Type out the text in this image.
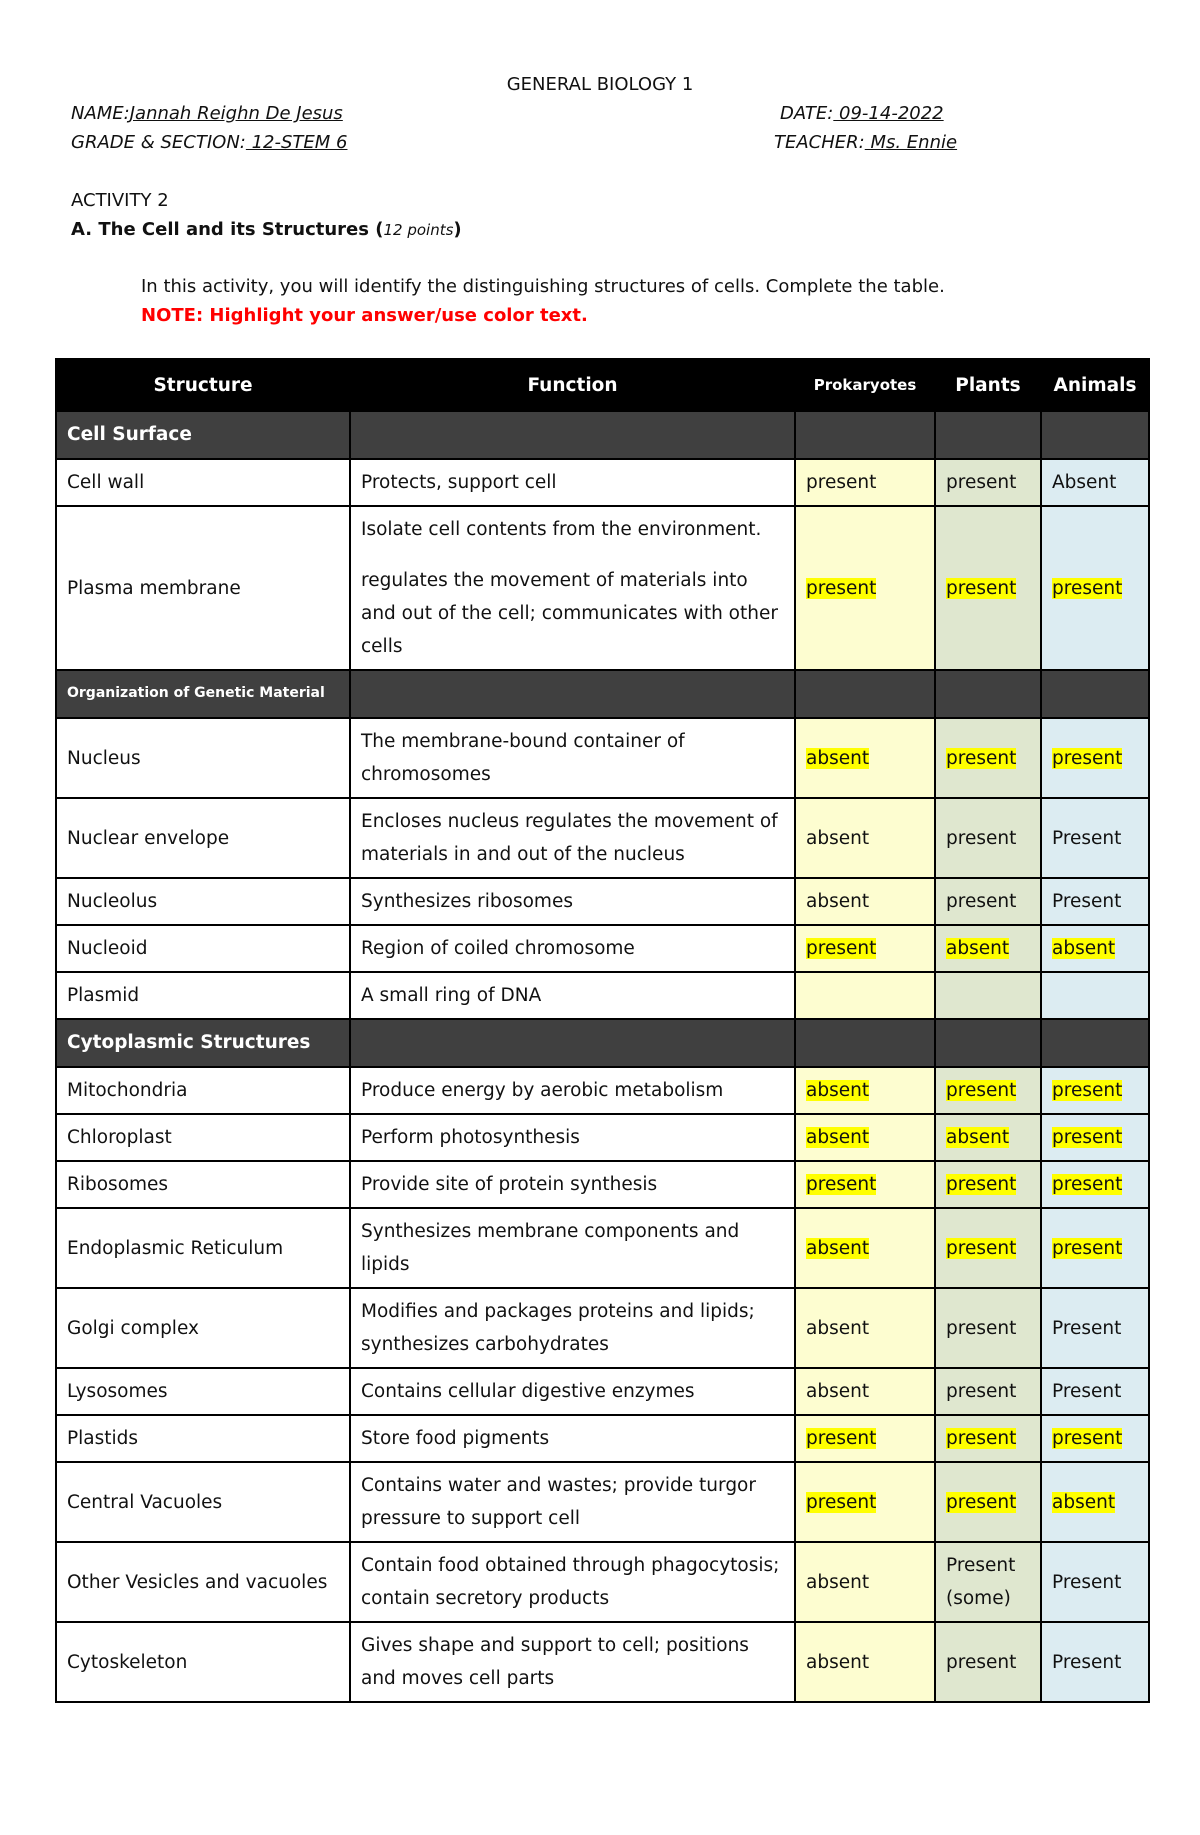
GENERAL BIOLOGY 1
NAME:Jannah Reighn De Jesus	DATE: 09-14-2022
GRADE & SECTION: 12-STEM 6	TEACHER: Ms. Ennie
ACTIVITY 2
A. The Cell and its Structures (12 points)
In this activity, you will identify the distinguishing structures of cells. Complete the table.
NOTE: Highlight your answer/use color text.
Structure	Function	Prokaryotes	Plants	Animals
Cell Surface				
Cell wall	Protects, support cell	present	present	Absent
Plasma membrane	Isolate cell contents from the environment.
regulates the movement of materials into and out of the cell; communicates with other cells	present	present	present
Organization of Genetic Material				
Nucleus	The membrane-bound container of chromosomes	absent	present	present
Nuclear envelope	Encloses nucleus regulates the movement of materials in and out of the nucleus	absent	present	Present
Nucleolus	Synthesizes ribosomes	absent	present	Present
Nucleoid	Region of coiled chromosome	present	absent	absent
Plasmid	A small ring of DNA			
Cytoplasmic Structures				
Mitochondria	Produce energy by aerobic metabolism	absent	present	present
Chloroplast	Perform photosynthesis	absent	absent	present
Ribosomes	Provide site of protein synthesis	present	present	present
Endoplasmic Reticulum	Synthesizes membrane components and lipids	absent	present	present
Golgi complex	Modifies and packages proteins and lipids; synthesizes carbohydrates	absent	present	Present
Lysosomes	Contains cellular digestive enzymes	absent	present	Present
Plastids	Store food pigments	present	present	present
Central Vacuoles	Contains water and wastes; provide turgor pressure to support cell	present	present	absent
Other Vesicles and vacuoles	Contain food obtained through phagocytosis; contain secretory products	absent	Present (some)	Present
Cytoskeleton	Gives shape and support to cell; positions and moves cell parts	absent	present	Present
